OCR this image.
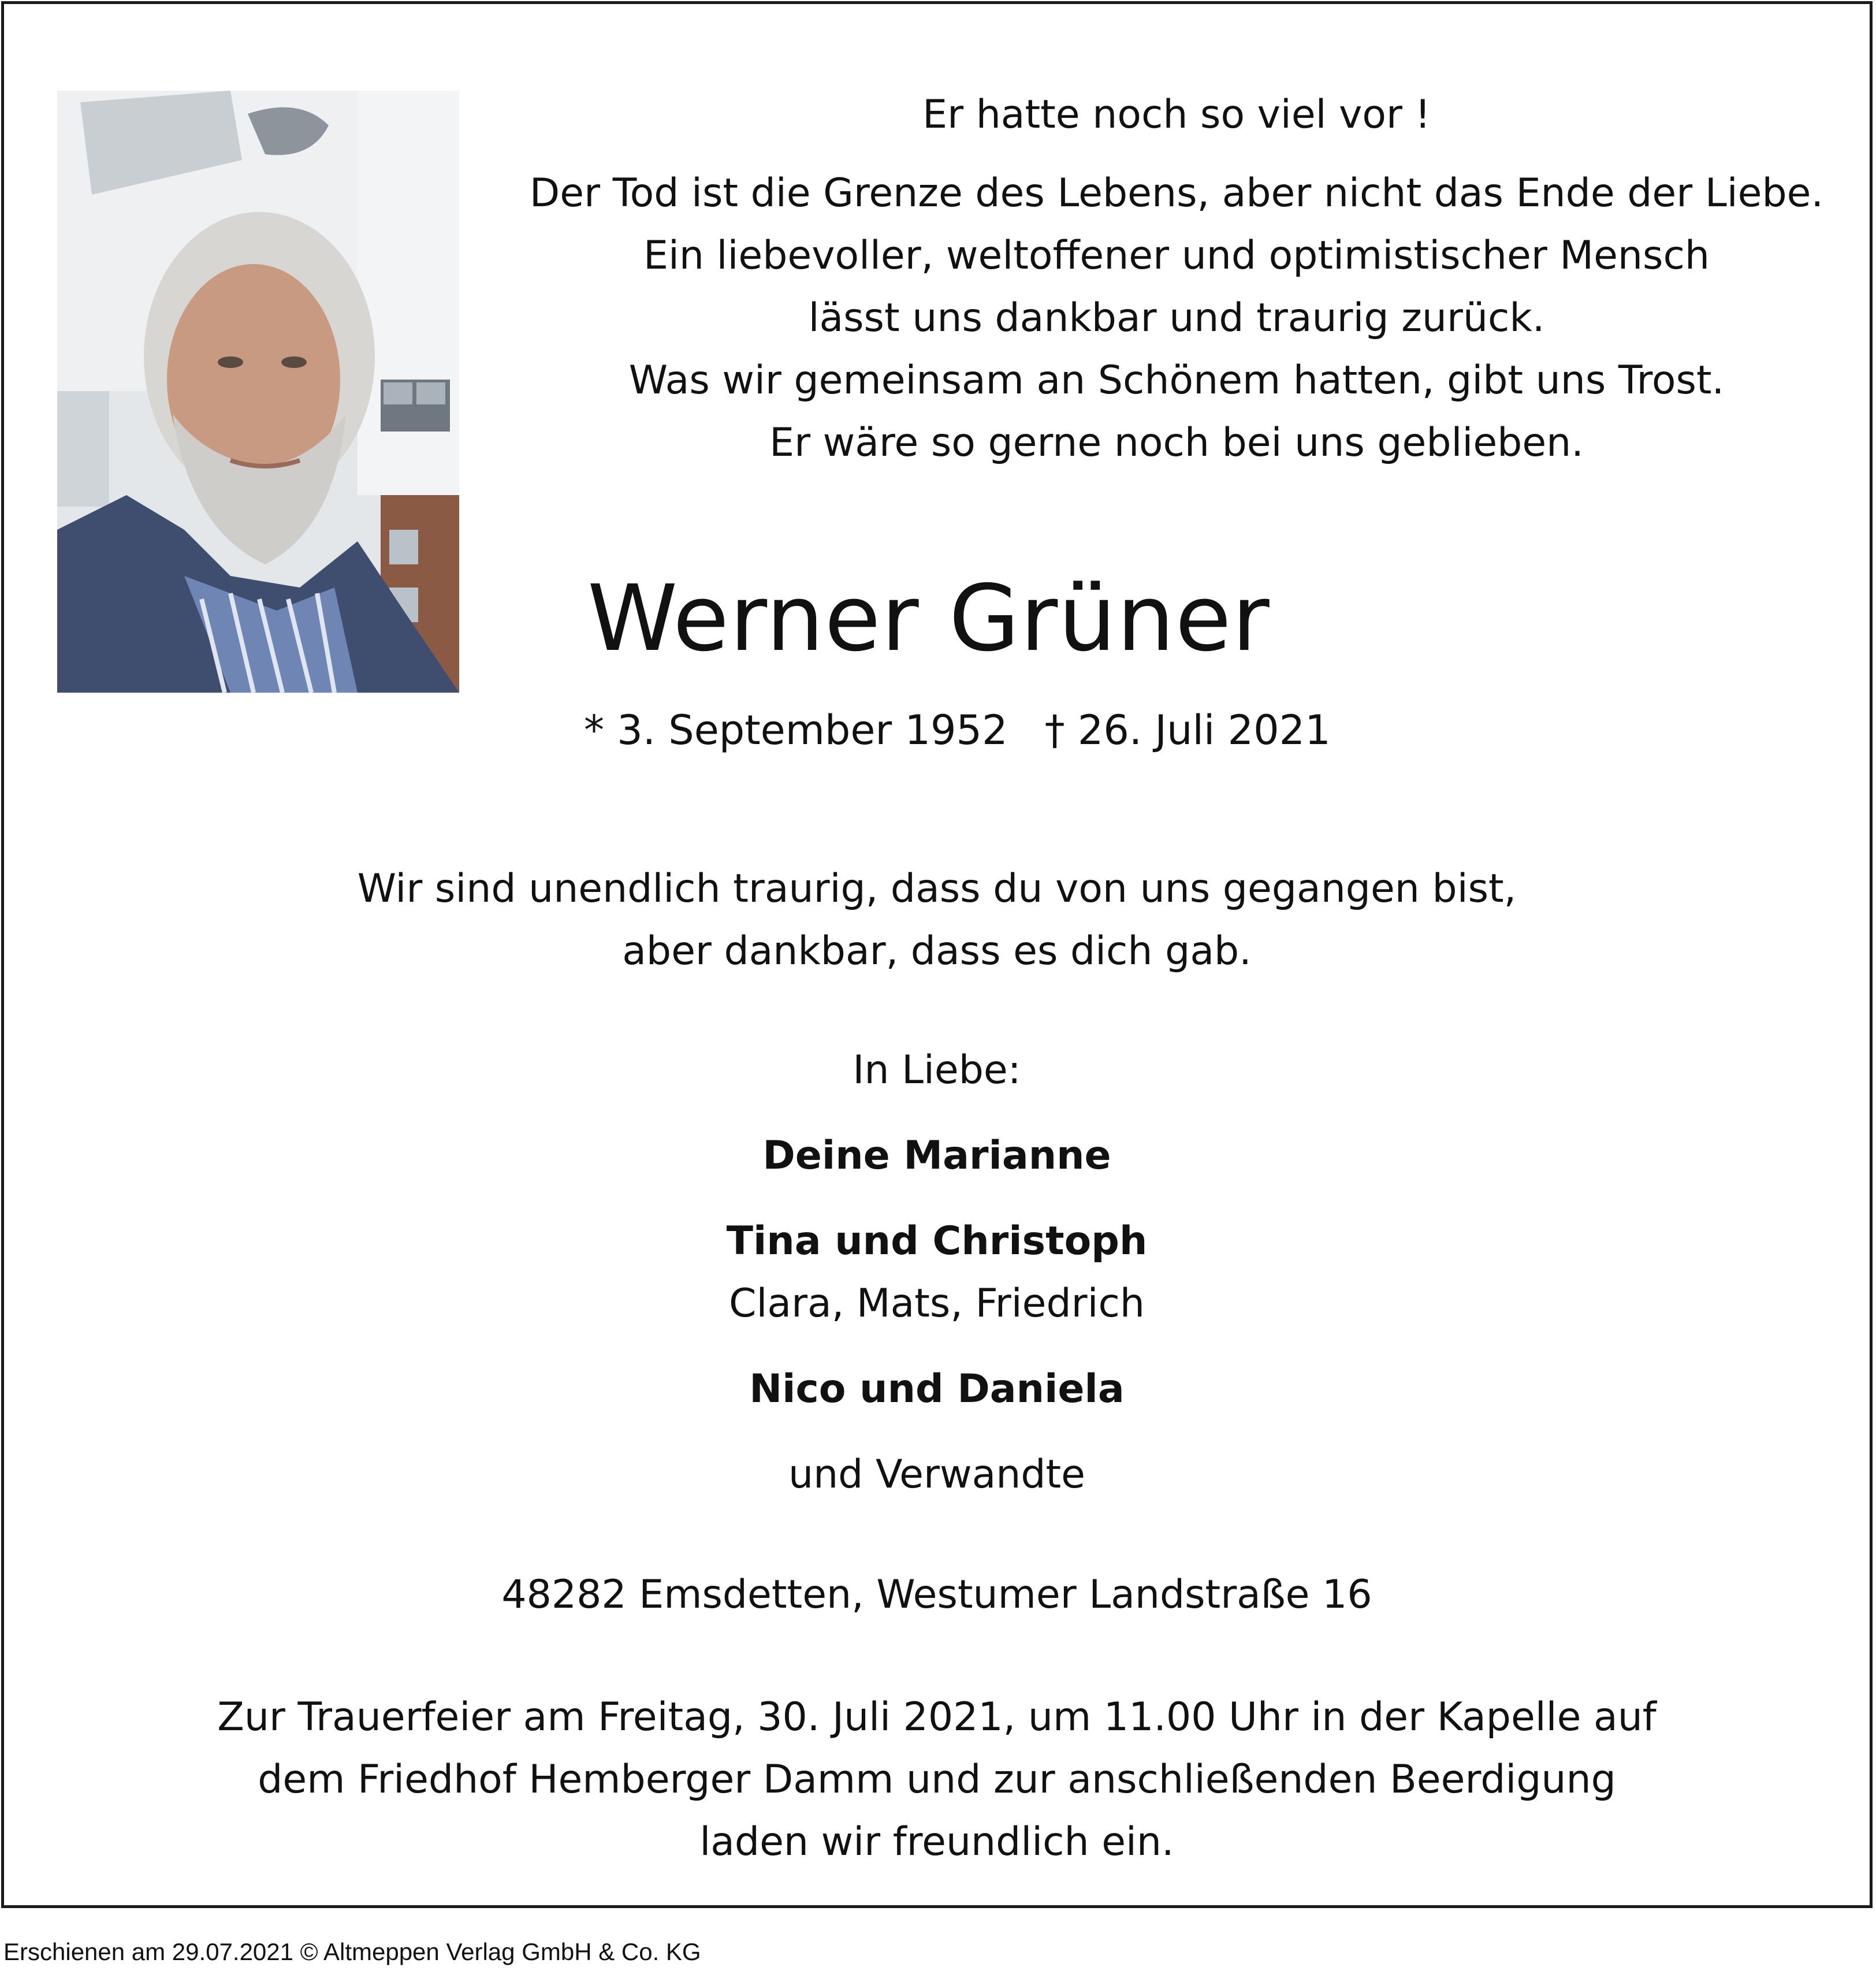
Er hatte noch so viel vor !
Der Tod ist die Grenze des Lebens, aber nicht das Ende der Liebe.
Ein liebevoller, weltoffener und optimistischer Mensch
lässt uns dankbar und traurig zurück.
Was wir gemeinsam an Schönem hatten, gibt uns Trost.
Er wäre so gerne noch bei uns geblieben.
Werner Grüner
* 3. September 1952 † 26. Juli 2021
Wir sind unendlich traurig, dass du von uns gegangen bist,
aber dankbar, dass es dich gab.
In Liebe:
Deine Marianne
Tina und Christoph
Clara, Mats, Friedrich
Nico und Daniela
und Verwandte
48282 Emsdetten, Westumer Landstraße 16
Zur Trauerfeier am Freitag, 30. Juli 2021, um 11.00 Uhr in der Kapelle auf
dem Friedhof Hemberger Damm und zur anschließenden Beerdigung
laden wir freundlich ein.
Erschienen am 29.07.2021 © Altmeppen Verlag GmbH & Co. KG
